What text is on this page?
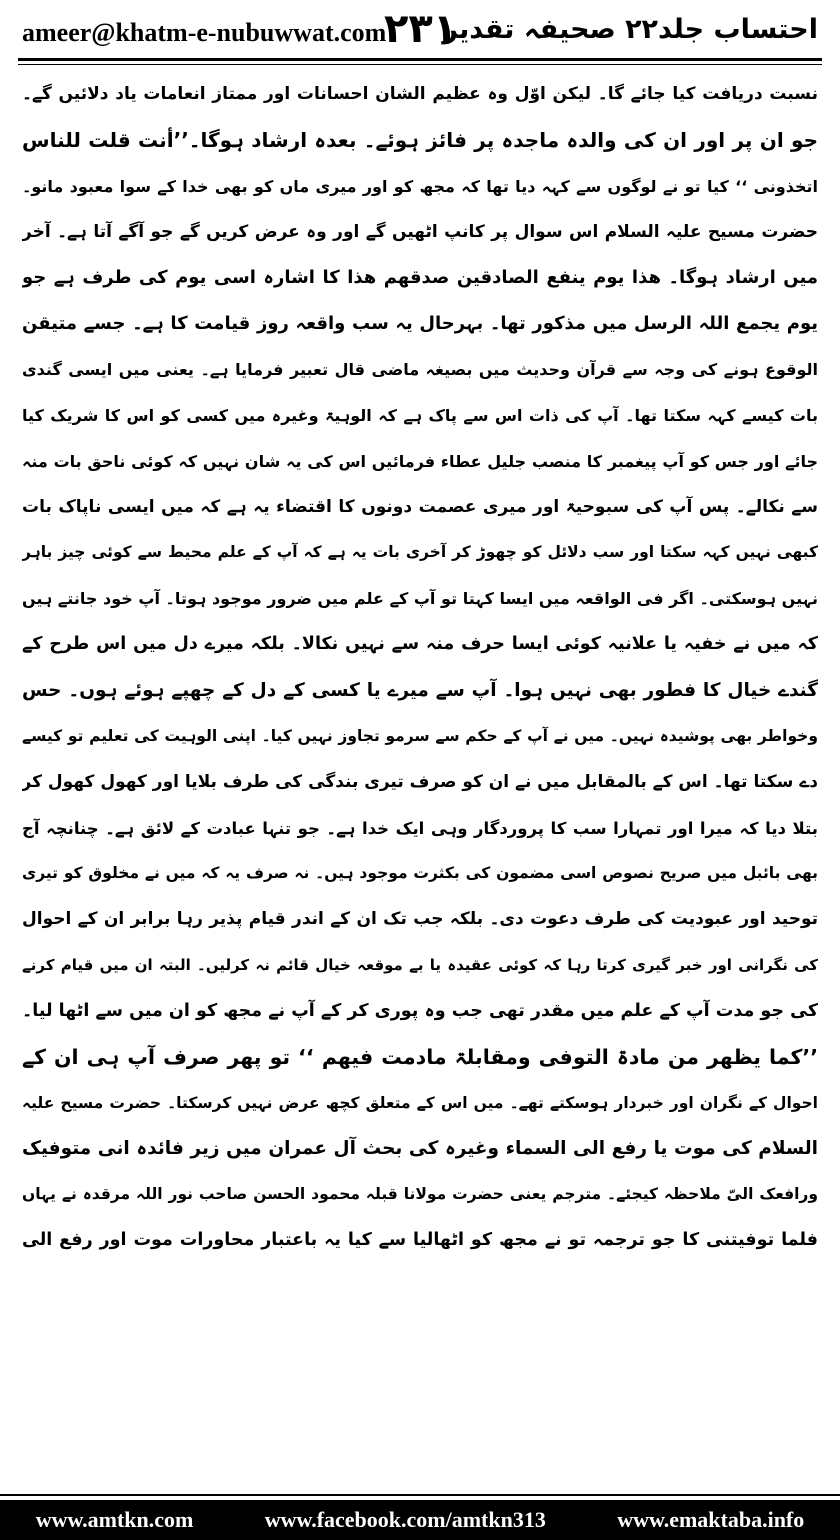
ameer@khatm-e-nubuwwat.com
۲۳۱
احتساب جلد۲۲ صحیفہ تقدیر
نسبت دریافت کیا جائے گا۔ لیکن اوّل وہ عظیم الشان احسانات اور ممتاز انعامات یاد دلائیں گے۔
جو ان پر اور ان کی والدہ ماجدہ پر فائز ہوئے۔ بعدہ ارشاد ہوگا۔’’أنت قلت للناس
اتخذونی ‘‘ کیا تو نے لوگوں سے کہہ دیا تھا کہ مجھ کو اور میری ماں کو بھی خدا کے سوا معبود مانو۔
حضرت مسیح علیہ السلام اس سوال پر کانپ اٹھیں گے اور وہ عرض کریں گے جو آگے آتا ہے۔ آخر
میں ارشاد ہوگا۔ ھذا یوم ینفع الصادقین صدقھم ھذا کا اشارہ اسی یوم کی طرف ہے جو
یوم یجمع اللہ الرسل میں مذکور تھا۔ بہرحال یہ سب واقعہ روز قیامت کا ہے۔ جسے متیقن
الوقوع ہونے کی وجہ سے قرآن وحدیث میں بصیغہ ماضی قال تعبیر فرمایا ہے۔ یعنی میں ایسی گندی
بات کیسے کہہ سکتا تھا۔ آپ کی ذات اس سے پاک ہے کہ الوہیۃ وغیرہ میں کسی کو اس کا شریک کیا
جائے اور جس کو آپ پیغمبر کا منصب جلیل عطاء فرمائیں اس کی یہ شان نہیں کہ کوئی ناحق بات منہ
سے نکالے۔ پس آپ کی سبوحیۃ اور میری عصمت دونوں کا اقتضاء یہ ہے کہ میں ایسی ناپاک بات
کبھی نہیں کہہ سکتا اور سب دلائل کو چھوڑ کر آخری بات یہ ہے کہ آپ کے علم محیط سے کوئی چیز باہر
نہیں ہوسکتی۔ اگر فی الواقعہ میں ایسا کہتا تو آپ کے علم میں ضرور موجود ہوتا۔ آپ خود جانتے ہیں
کہ میں نے خفیہ یا علانیہ کوئی ایسا حرف منہ سے نہیں نکالا۔ بلکہ میرے دل میں اس طرح کے
گندے خیال کا فطور بھی نہیں ہوا۔ آپ سے میرے یا کسی کے دل کے چھپے ہوئے ہوں۔ حس
وخواطر بھی پوشیدہ نہیں۔ میں نے آپ کے حکم سے سرمو تجاوز نہیں کیا۔ اپنی الوہیت کی تعلیم تو کیسے
دے سکتا تھا۔ اس کے بالمقابل میں نے ان کو صرف تیری بندگی کی طرف بلایا اور کھول کھول کر
بتلا دیا کہ میرا اور تمہارا سب کا پروردگار وہی ایک خدا ہے۔ جو تنہا عبادت کے لائق ہے۔ چنانچہ آج
بھی بائبل میں صریح نصوص اسی مضمون کی بکثرت موجود ہیں۔ نہ صرف یہ کہ میں نے مخلوق کو تیری
توحید اور عبودیت کی طرف دعوت دی۔ بلکہ جب تک ان کے اندر قیام پذیر رہا برابر ان کے احوال
کی نگرانی اور خبر گیری کرتا رہا کہ کوئی عقیدہ یا بے موقعہ خیال قائم نہ کرلیں۔ البتہ ان میں قیام کرنے
کی جو مدت آپ کے علم میں مقدر تھی جب وہ پوری کر کے آپ نے مجھ کو ان میں سے اٹھا لیا۔
’’کما یظھر من مادۃ التوفی ومقابلۃ مادمت فیھم ‘‘ تو پھر صرف آپ ہی ان کے
احوال کے نگران اور خبردار ہوسکتے تھے۔ میں اس کے متعلق کچھ عرض نہیں کرسکتا۔ حضرت مسیح علیہ
السلام کی موت یا رفع الی السماء وغیرہ کی بحث آل عمران میں زیر فائدہ انی متوفیک
ورافعک الیّ ملاحظہ کیجئے۔ مترجم یعنی حضرت مولانا قبلہ محمود الحسن صاحب نور اللہ مرقدہ نے یہاں
فلما توفیتنی کا جو ترجمہ تو نے مجھ کو اٹھالیا سے کیا یہ باعتبار محاورات موت اور رفع الی
www.amtkn.com	www.facebook.com/amtkn313	www.emaktaba.info
